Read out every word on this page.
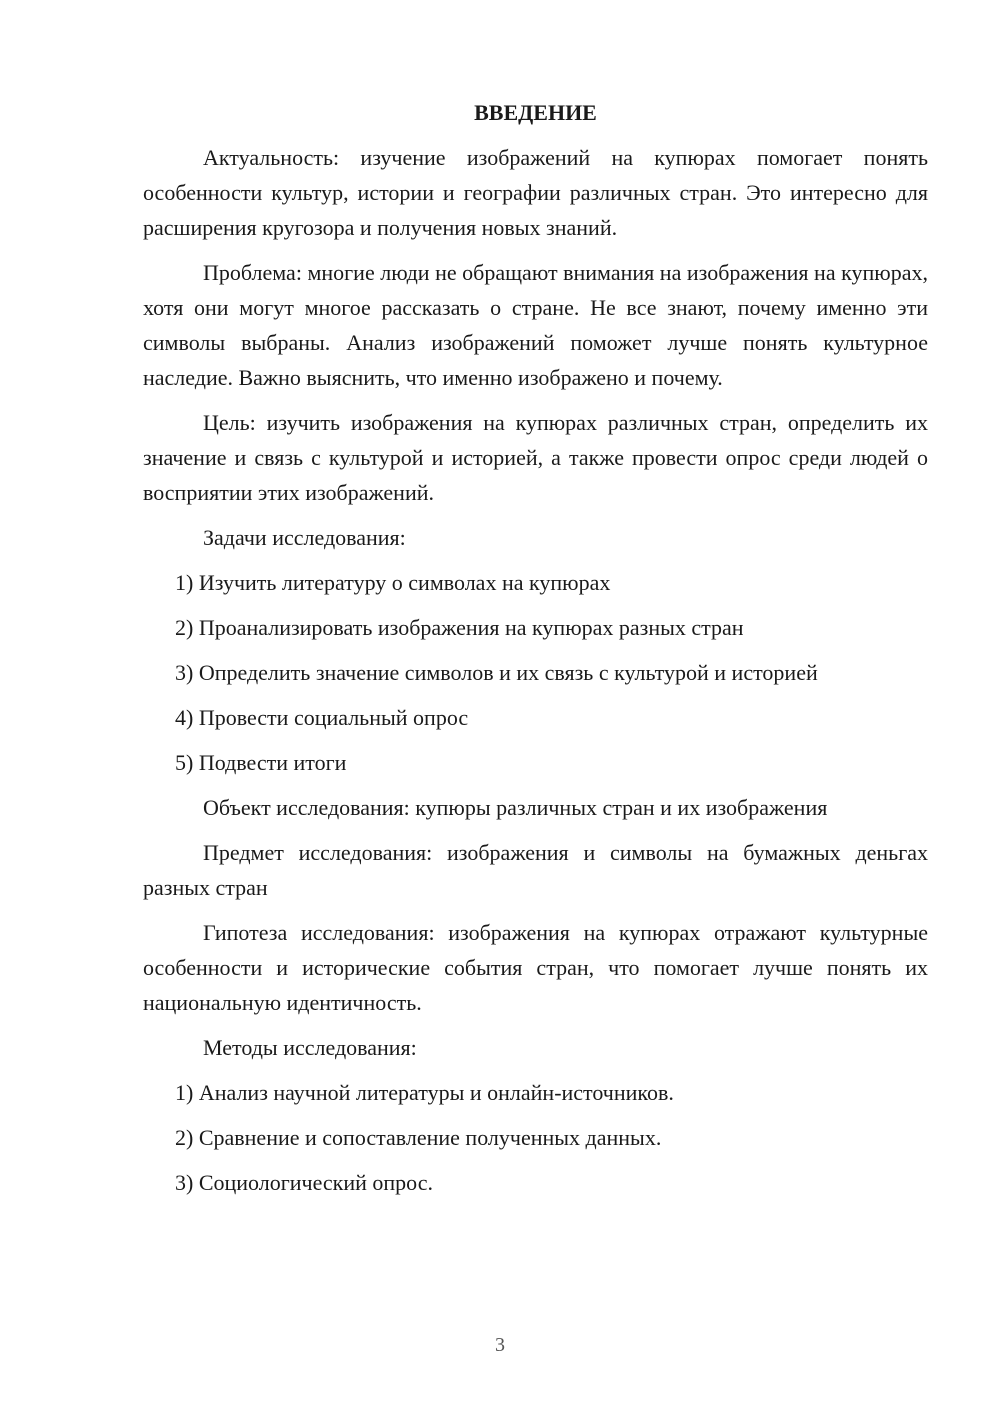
ВВЕДЕНИЕ

Актуальность: изучение изображений на купюрах помогает понять особенности культур, истории и географии различных стран. Это интересно для расширения кругозора и получения новых знаний.

Проблема: многие люди не обращают внимания на изображения на купюрах, хотя они могут многое рассказать о стране. Не все знают, почему именно эти символы выбраны. Анализ изображений поможет лучше понять культурное наследие. Важно выяснить, что именно изображено и почему.

Цель: изучить изображения на купюрах различных стран, определить их значение и связь с культурой и историей, а также провести опрос среди людей о восприятии этих изображений.

Задачи исследования:

1) Изучить литературу о символах на купюрах
2) Проанализировать изображения на купюрах разных стран
3) Определить значение символов и их связь с культурой и историей
4) Провести социальный опрос
5) Подвести итоги

Объект исследования: купюры различных стран и их изображения

Предмет исследования: изображения и символы на бумажных деньгах разных стран

Гипотеза исследования: изображения на купюрах отражают культурные особенности и исторические события стран, что помогает лучше понять их национальную идентичность.

Методы исследования:

1) Анализ научной литературы и онлайн-источников.
2) Сравнение и сопоставление полученных данных.
3) Социологический опрос.
3
